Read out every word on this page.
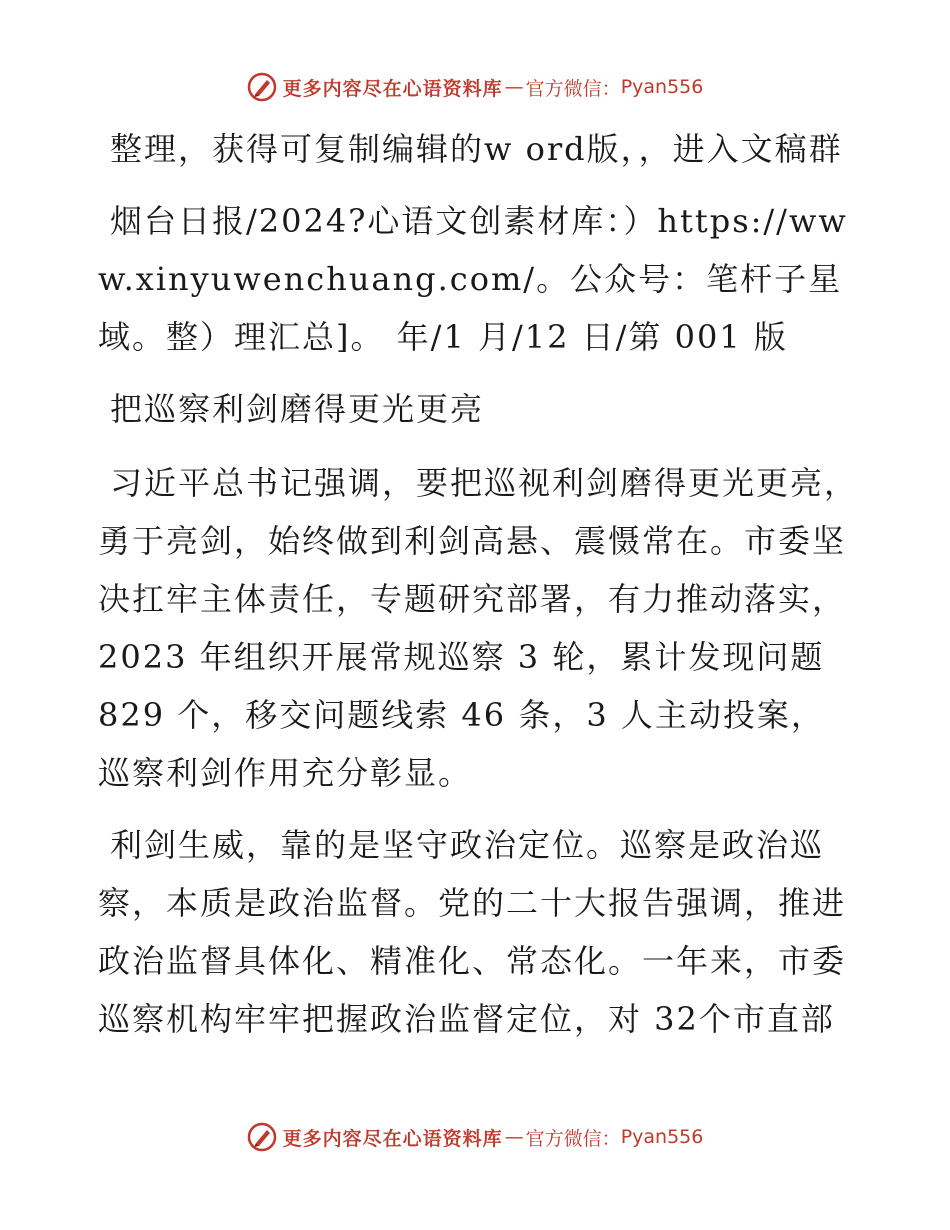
更多内容尽在心语资料库 — 官方微信： Pyan556

整理，获得可复制编辑的w ord版，，进入文稿群

烟台日报/2024?心语文创素材库：）https://www.xinyuwenchuang.com/。公众号：笔杆子星域。整）理汇总]。 年/1 月/12 日/第 001 版

把巡察利剑磨得更光更亮

习近平总书记强调，要把巡视利剑磨得更光更亮，勇于亮剑，始终做到利剑高悬、震慑常在。市委坚决扛牢主体责任，专题研究部署，有力推动落实，2023 年组织开展常规巡察 3 轮，累计发现问题 829 个，移交问题线索 46 条，3 人主动投案，巡察利剑作用充分彰显。

利剑生威，靠的是坚守政治定位。巡察是政治巡察，本质是政治监督。党的二十大报告强调，推进政治监督具体化、精准化、常态化。一年来，市委巡察机构牢牢把握政治监督定位，对 32个市直部

更多内容尽在心语资料库 — 官方微信： Pyan556
